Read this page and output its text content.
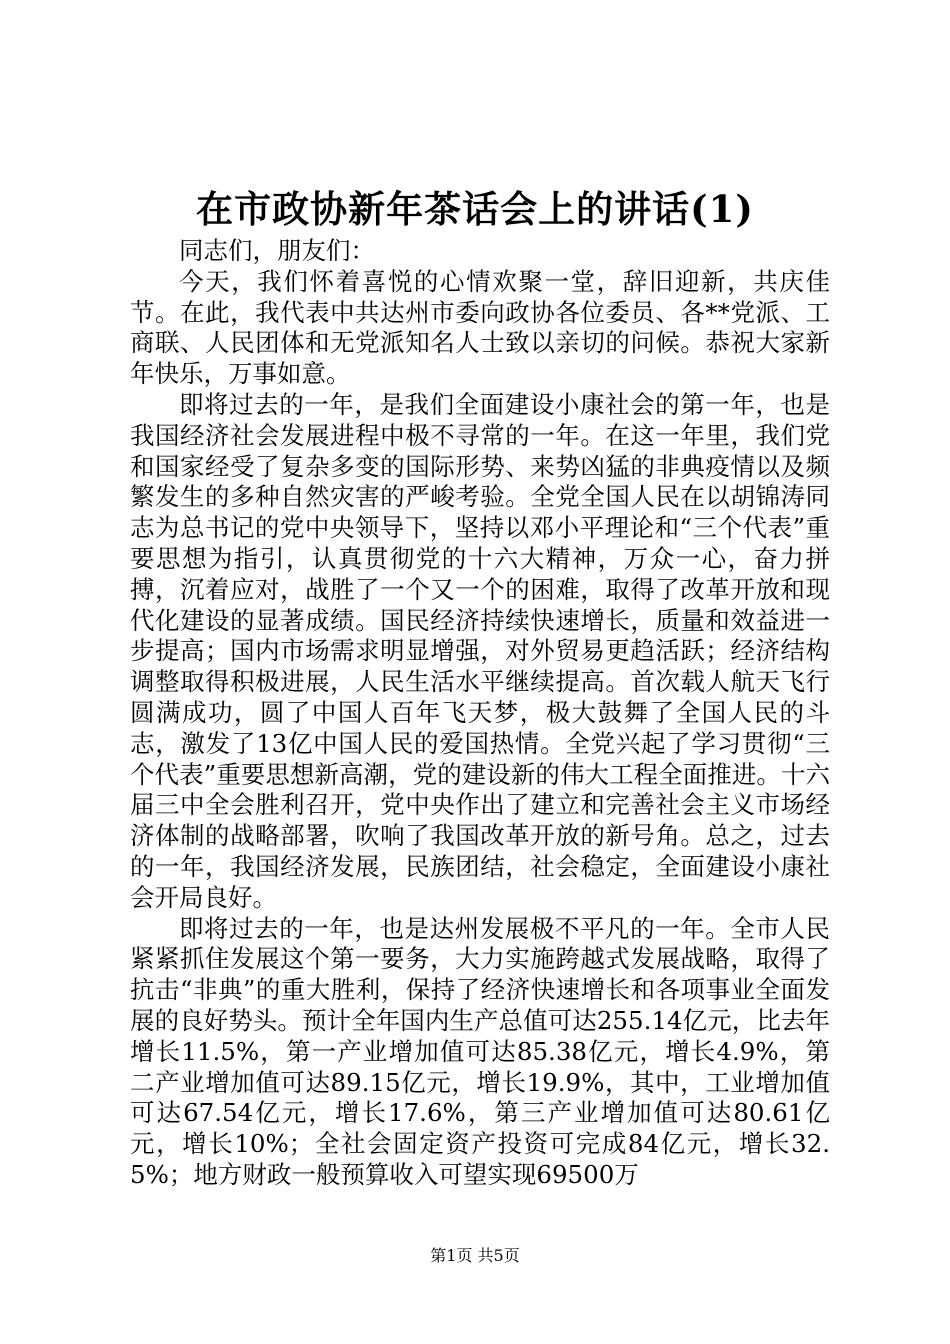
在市政协新年茶话会上的讲话(1)

同志们，朋友们：

今天，我们怀着喜悦的心情欢聚一堂，辞旧迎新，共庆佳节。在此，我代表中共达州市委向政协各位委员、各**党派、工商联、人民团体和无党派知名人士致以亲切的问候。恭祝大家新年快乐，万事如意。

即将过去的一年，是我们全面建设小康社会的第一年，也是我国经济社会发展进程中极不寻常的一年。在这一年里，我们党和国家经受了复杂多变的国际形势、来势凶猛的非典疫情以及频繁发生的多种自然灾害的严峻考验。全党全国人民在以胡锦涛同志为总书记的党中央领导下，坚持以邓小平理论和“三个代表”重要思想为指引，认真贯彻党的十六大精神，万众一心，奋力拼搏，沉着应对，战胜了一个又一个的困难，取得了改革开放和现代化建设的显著成绩。国民经济持续快速增长，质量和效益进一步提高；国内市场需求明显增强，对外贸易更趋活跃；经济结构调整取得积极进展，人民生活水平继续提高。首次载人航天飞行圆满成功，圆了中国人百年飞天梦，极大鼓舞了全国人民的斗志，激发了13亿中国人民的爱国热情。全党兴起了学习贯彻“三个代表”重要思想新高潮，党的建设新的伟大工程全面推进。十六届三中全会胜利召开，党中央作出了建立和完善社会主义市场经济体制的战略部署，吹响了我国改革开放的新号角。总之，过去的一年，我国经济发展，民族团结，社会稳定，全面建设小康社会开局良好。

即将过去的一年，也是达州发展极不平凡的一年。全市人民紧紧抓住发展这个第一要务，大力实施跨越式发展战略，取得了抗击“非典”的重大胜利，保持了经济快速增长和各项事业全面发展的良好势头。预计全年国内生产总值可达255.14亿元，比去年增长11.5%，第一产业增加值可达85.38亿元，增长4.9%，第二产业增加值可达89.15亿元，增长19.9%，其中，工业增加值可达67.54亿元，增长17.6%，第三产业增加值可达80.61亿元，增长10%；全社会固定资产投资可完成84亿元，增长32.5%；地方财政一般预算收入可望实现69500万

第1页 共5页
